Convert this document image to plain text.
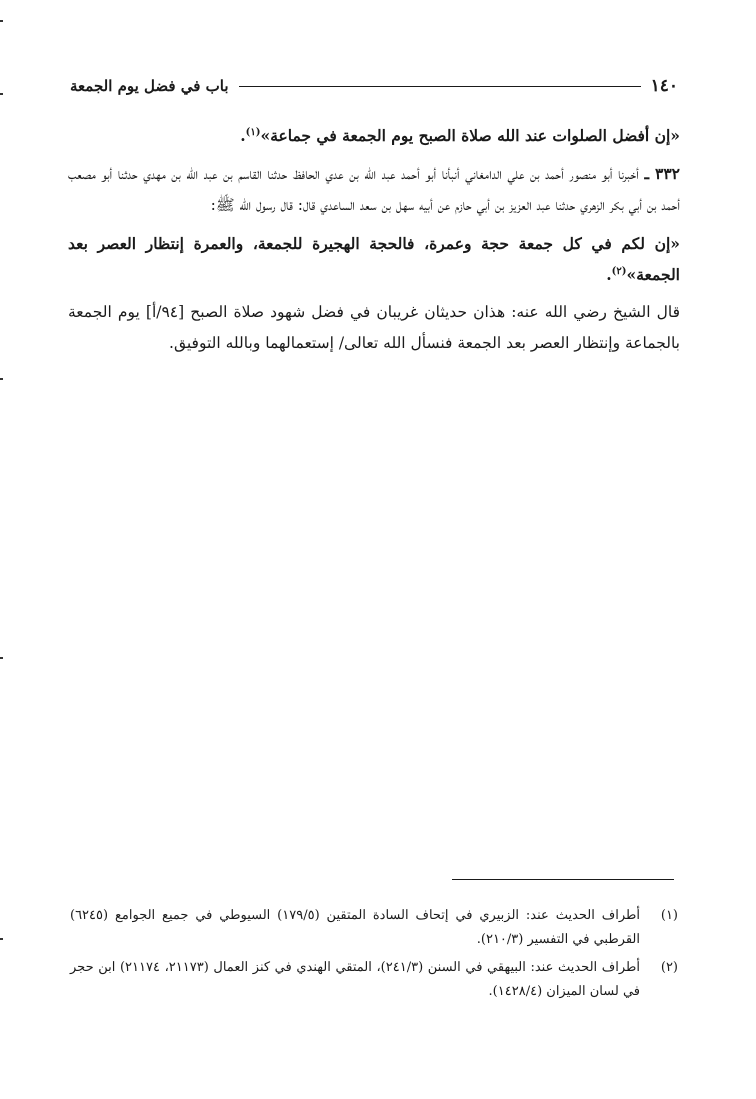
١٤٠
باب في فضل يوم الجمعة

«إن أفضل الصلوات عند الله صلاة الصبح يوم الجمعة في جماعة»$^{(١)}$.

٣٣٢ ـ أخبرنا أبو منصور أحمد بن علي الدامغاني أنبأنا أبو أحمد عبد الله بن عدي الحافظ حدثنا القاسم بن عبد الله بن مهدي حدثنا أبو مصعب أحمد بن أبي بكر الزهري حدثنا عبد العزيز بن أبي حازم عن أبيه سهل بن سعد الساعدي قال: قال رسول الله ﷺ:

«إن لكم في كل جمعة حجة وعمرة، فالحجة الهجيرة للجمعة، والعمرة إنتظار العصر بعد الجمعة»$^{(٢)}$.

قال الشيخ رضي الله عنه: هذان حديثان غريبان في فضل شهود صلاة الصبح [٩٤/أ] يوم الجمعة بالجماعة وإنتظار العصر بعد الجمعة فنسأل الله تعالى/ إستعمالهما وبالله التوفيق.

(١)
أطراف الحديث عند: الزبيري في إتحاف السادة المتقين (١٧٩/٥) السيوطي في جميع الجوامع (٦٢٤٥) القرطبي في التفسير (٢١٠/٣).
(٢)
أطراف الحديث عند: البيهقي في السنن (٢٤١/٣)، المتقي الهندي في كنز العمال (٢١١٧٣، ٢١١٧٤) ابن حجر في لسان الميزان (١٤٢٨/٤).
